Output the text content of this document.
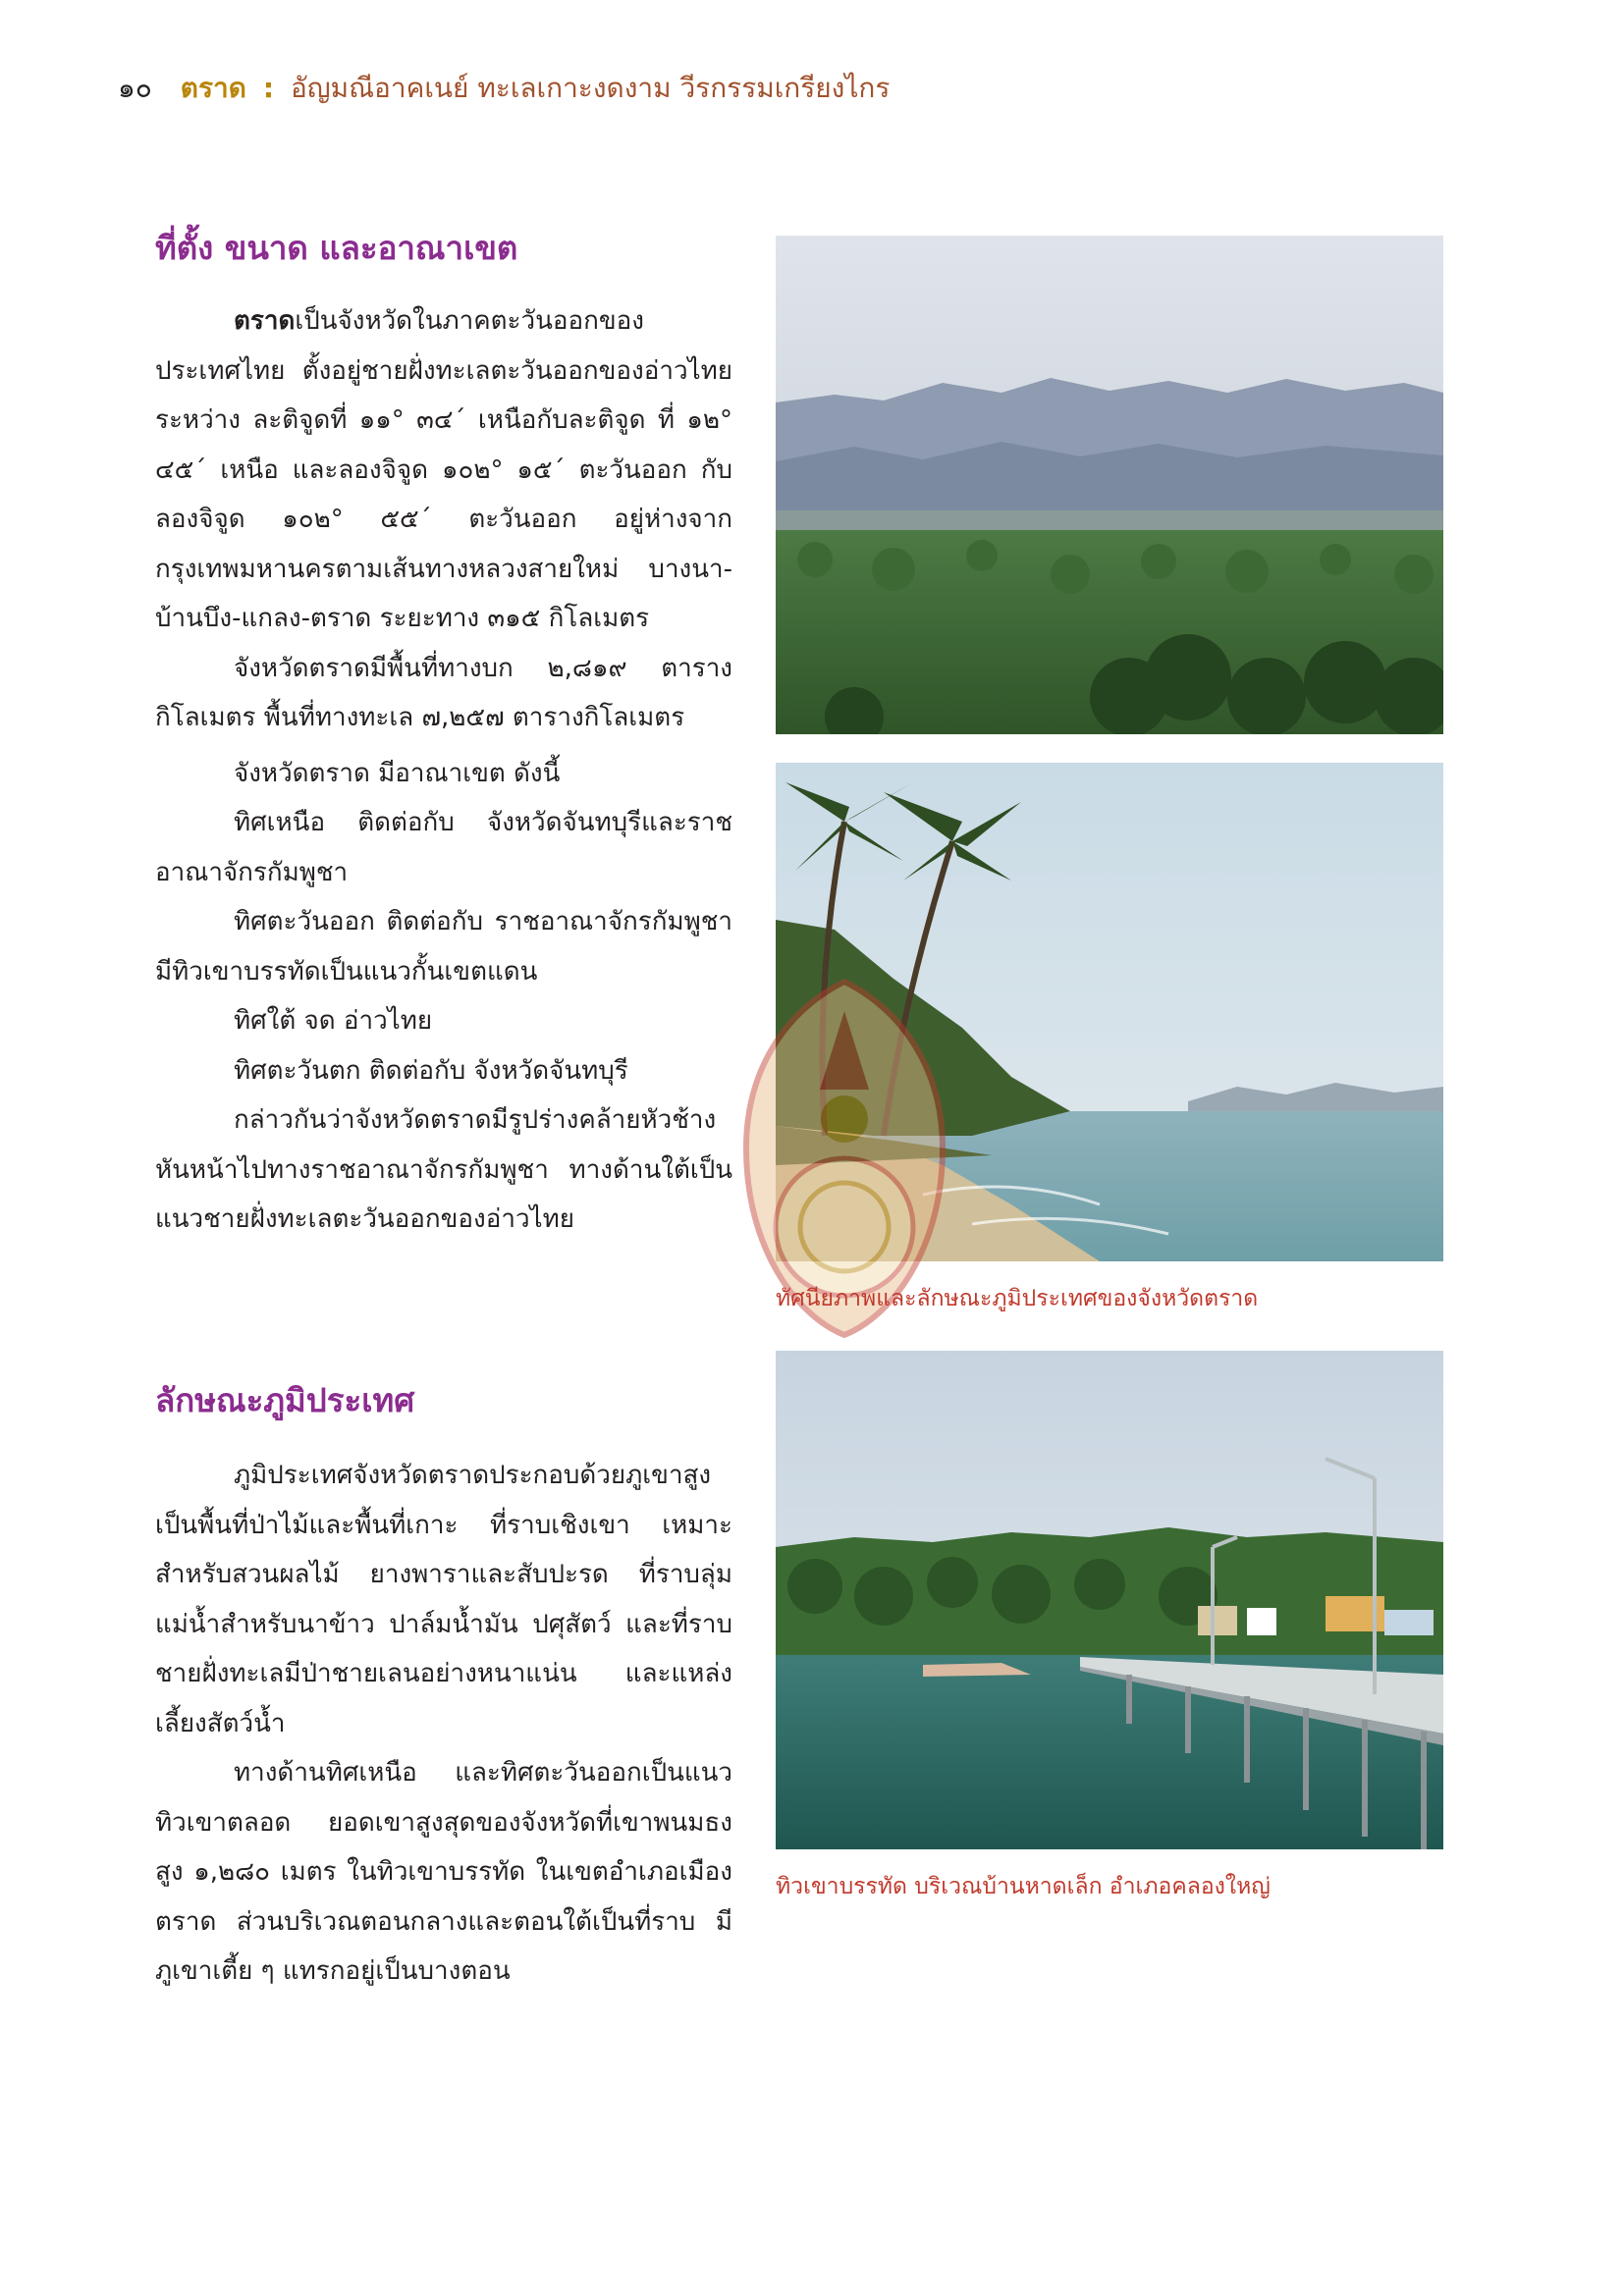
๑๐ ตราด : อัญมณีอาคเนย์ ทะเลเกาะงดงาม วีรกรรมเกรียงไกร
ที่ตั้ง ขนาด และอาณาเขต

ตราดเป็นจังหวัดในภาคตะวันออกของประเทศไทย ตั้งอยู่ชายฝั่งทะเลตะวันออกของอ่าวไทย ระหว่าง ละติจูดที่ ๑๑° ๓๔´ เหนือกับละติจูด ที่ ๑๒° ๔๕´ เหนือ และลองจิจูด ๑๐๒° ๑๕´ ตะวันออก กับลองจิจูด ๑๐๒° ๕๕´ ตะวันออก อยู่ห่างจากกรุงเทพมหานครตามเส้นทางหลวงสายใหม่ บางนา-บ้านบึง-แกลง-ตราด ระยะทาง ๓๑๕ กิโลเมตร

จังหวัดตราดมีพื้นที่ทางบก ๒,๘๑๙ ตารางกิโลเมตร พื้นที่ทางทะเล ๗,๒๕๗ ตารางกิโลเมตร

จังหวัดตราด มีอาณาเขต ดังนี้

ทิศเหนือ ติดต่อกับ จังหวัดจันทบุรีและราชอาณาจักรกัมพูชา

ทิศตะวันออก ติดต่อกับ ราชอาณาจักรกัมพูชา มีทิวเขาบรรทัดเป็นแนวกั้นเขตแดน

ทิศใต้ จด อ่าวไทย

ทิศตะวันตก ติดต่อกับ จังหวัดจันทบุรี

กล่าวกันว่าจังหวัดตราดมีรูปร่างคล้ายหัวช้าง หันหน้าไปทางราชอาณาจักรกัมพูชา ทางด้านใต้เป็นแนวชายฝั่งทะเลตะวันออกของอ่าวไทย

ลักษณะภูมิประเทศ

ภูมิประเทศจังหวัดตราดประกอบด้วยภูเขาสูง เป็นพื้นที่ป่าไม้และพื้นที่เกาะ ที่ราบเชิงเขา เหมาะสำหรับสวนผลไม้ ยางพาราและสับปะรด ที่ราบลุ่มแม่น้ำสำหรับนาข้าว ปาล์มน้ำมัน ปศุสัตว์ และที่ราบชายฝั่งทะเลมีป่าชายเลนอย่างหนาแน่น และแหล่งเลี้ยงสัตว์น้ำ

ทางด้านทิศเหนือ และทิศตะวันออกเป็นแนวทิวเขาตลอด ยอดเขาสูงสุดของจังหวัดที่เขาพนมธง สูง ๑,๒๘๐ เมตร ในทิวเขาบรรทัด ในเขตอำเภอเมืองตราด ส่วนบริเวณตอนกลางและตอนใต้เป็นที่ราบ มีภูเขาเตี้ย ๆ แทรกอยู่เป็นบางตอน

ทัศนียภาพและลักษณะภูมิประเทศของจังหวัดตราด
ทิวเขาบรรทัด บริเวณบ้านหาดเล็ก อำเภอคลองใหญ่
